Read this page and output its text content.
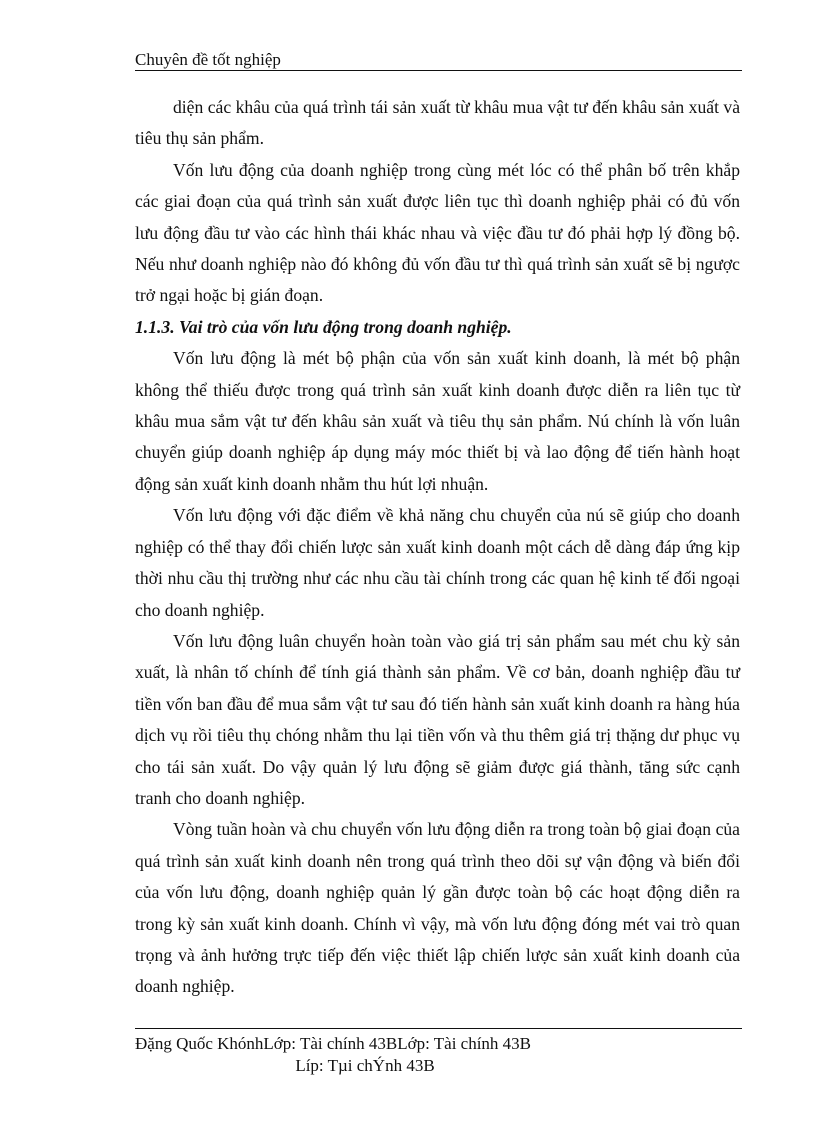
Chuyên đề tốt nghiệp

diện các khâu của quá trình tái sản xuất từ khâu mua vật tư đến khâu sản xuất và tiêu thụ sản phẩm.

Vốn lưu động của doanh nghiệp trong cùng mét lóc có thể phân bố trên khắp các giai đoạn của quá trình sản xuất được liên tục thì doanh nghiệp phải có đủ vốn lưu động đầu tư vào các hình thái khác nhau và việc đầu tư đó phải hợp lý đồng bộ. Nếu như doanh nghiệp nào đó không đủ vốn đầu tư thì quá trình sản xuất sẽ bị ngược trở ngại hoặc bị gián đoạn.

1.1.3. Vai trò của vốn lưu động trong doanh nghiệp.

Vốn lưu động là mét bộ phận của vốn sản xuất kinh doanh, là mét bộ phận không thể thiếu được trong quá trình sản xuất kinh doanh được diễn ra liên tục từ khâu mua sắm vật tư đến khâu sản xuất và tiêu thụ sản phẩm. Nú chính là vốn luân chuyển giúp doanh nghiệp áp dụng máy móc thiết bị và lao động để tiến hành hoạt động sản xuất kinh doanh nhằm thu hút lợi nhuận.

Vốn lưu động với đặc điểm về khả năng chu chuyển của nú sẽ giúp cho doanh nghiệp có thể thay đổi chiến lược sản xuất kinh doanh một cách dễ dàng đáp ứng kịp thời nhu cầu thị trường như các nhu cầu tài chính trong các quan hệ kinh tế đối ngoại cho doanh nghiệp.

Vốn lưu động luân chuyển hoàn toàn vào giá trị sản phẩm sau mét chu kỳ sản xuất, là nhân tố chính để tính giá thành sản phẩm. Về cơ bản, doanh nghiệp đầu tư tiền vốn ban đầu để mua sắm vật tư sau đó tiến hành sản xuất kinh doanh ra hàng húa dịch vụ rồi tiêu thụ chóng nhằm thu lại tiền vốn và thu thêm giá trị thặng dư phục vụ cho tái sản xuất. Do vậy quản lý lưu động sẽ giảm được giá thành, tăng sức cạnh tranh cho doanh nghiệp.

Vòng tuần hoàn và chu chuyển vốn lưu động diễn ra trong toàn bộ giai đoạn của quá trình sản xuất kinh doanh nên trong quá trình theo dõi sự vận động và biến đổi của vốn lưu động, doanh nghiệp quản lý gần được toàn bộ các hoạt động diễn ra trong kỳ sản xuất kinh doanh. Chính vì vậy, mà vốn lưu động đóng mét vai trò quan trọng và ảnh hưởng trực tiếp đến việc thiết lập chiến lược sản xuất kinh doanh của doanh nghiệp.

Đặng Quốc KhónhLớp: Tài chính 43BLớp: Tài chính 43B
Líp: Tµi chÝnh 43B
